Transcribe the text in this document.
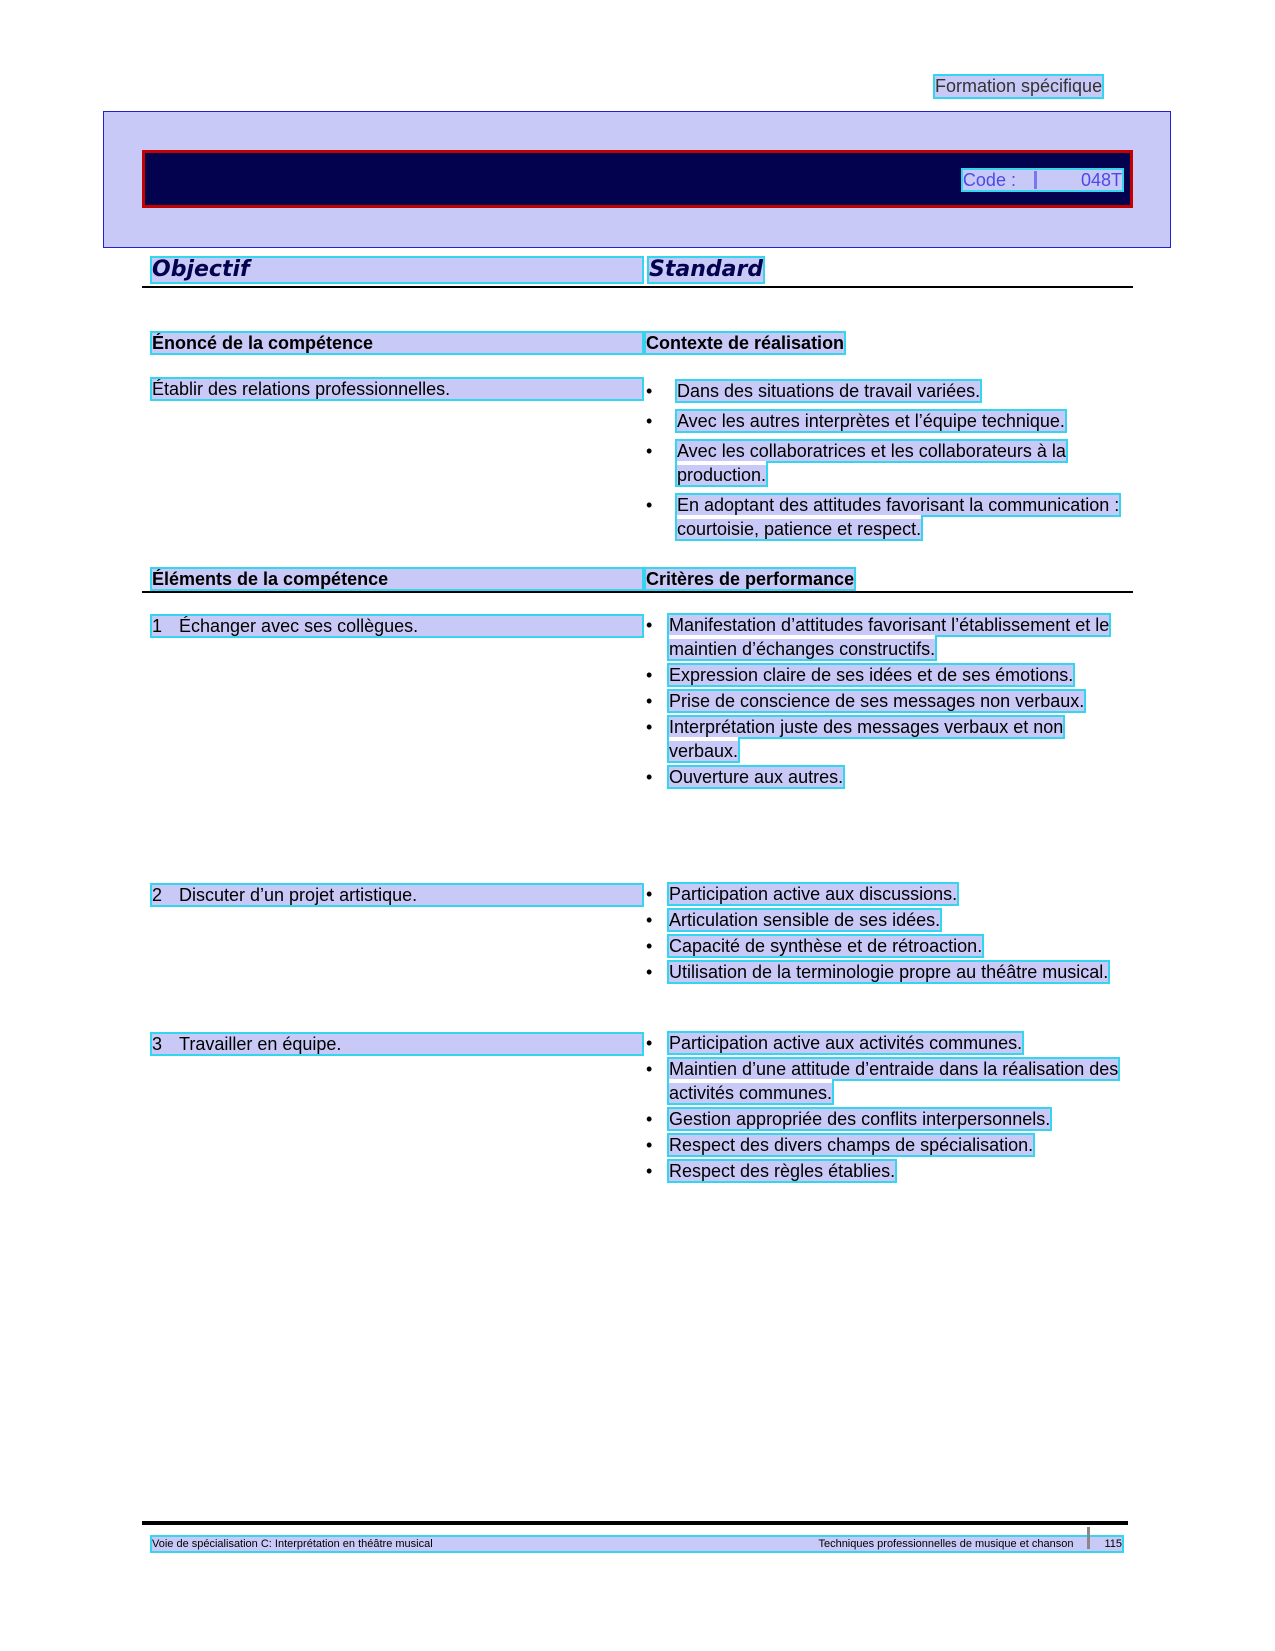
Formation spécifique
Code :	048T
Objectif	Standard
Énoncé de la compétence	Contexte de réalisation
Établir des relations professionnelles.	• Dans des situations de travail variées.
• Avec les autres interprètes et l’équipe technique.
• Avec les collaboratrices et les collaborateurs à la production.
• En adoptant des attitudes favorisant la communication : courtoisie, patience et respect.
Éléments de la compétence	Critères de performance
1 Échanger avec ses collègues.	• Manifestation d’attitudes favorisant l’établissement et le maintien d’échanges constructifs.
• Expression claire de ses idées et de ses émotions.
• Prise de conscience de ses messages non verbaux.
• Interprétation juste des messages verbaux et non verbaux.
• Ouverture aux autres.
2 Discuter d’un projet artistique.	• Participation active aux discussions.
• Articulation sensible de ses idées.
• Capacité de synthèse et de rétroaction.
• Utilisation de la terminologie propre au théâtre musical.
3 Travailler en équipe.	• Participation active aux activités communes.
• Maintien d’une attitude d’entraide dans la réalisation des activités communes.
• Gestion appropriée des conflits interpersonnels.
• Respect des divers champs de spécialisation.
• Respect des règles établies.
Voie de spécialisation C: Interprétation en théâtre musical	Techniques professionnelles de musique et chanson	115
